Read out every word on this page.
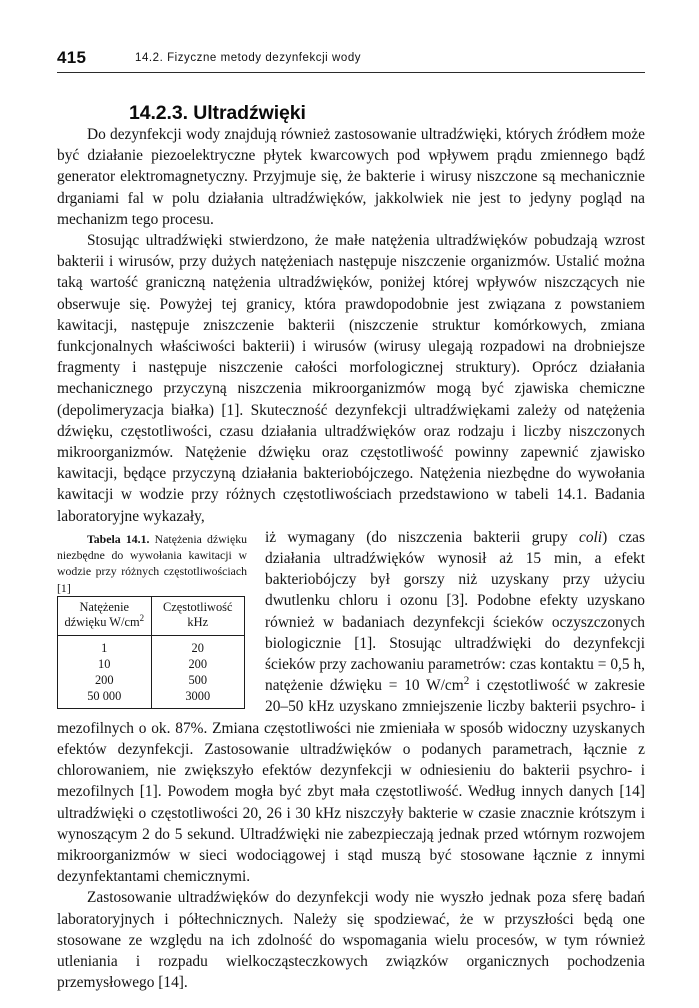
415	14.2. Fizyczne metody dezynfekcji wody
14.2.3. Ultradźwięki

Do dezynfekcji wody znajdują również zastosowanie ultradźwięki, których źródłem może być działanie piezoelektryczne płytek kwarcowych pod wpływem prądu zmiennego bądź generator elektromagnetyczny. Przyjmuje się, że bakterie i wirusy niszczone są mechanicznie drganiami fal w polu działania ultradźwięków, jakkolwiek nie jest to jedyny pogląd na mechanizm tego procesu.

Stosując ultradźwięki stwierdzono, że małe natężenia ultradźwięków pobudzają wzrost bakterii i wirusów, przy dużych natężeniach następuje niszczenie organizmów. Ustalić można taką wartość graniczną natężenia ultradźwięków, poniżej której wpływów niszczących nie obserwuje się. Powyżej tej granicy, która prawdopodobnie jest związana z powstaniem kawitacji, następuje zniszczenie bakterii (niszczenie struktur komórkowych, zmiana funkcjonalnych właściwości bakterii) i wirusów (wirusy ulegają rozpadowi na drobniejsze fragmenty i następuje niszczenie całości morfologicznej struktury). Oprócz działania mechanicznego przyczyną niszczenia mikroorganizmów mogą być zjawiska chemiczne (depolimeryzacja białka) [1]. Skuteczność dezynfekcji ultradźwiękami zależy od natężenia dźwięku, częstotliwości, czasu działania ultradźwięków oraz rodzaju i liczby niszczonych mikroorganizmów. Natężenie dźwięku oraz częstotliwość powinny zapewnić zjawisko kawitacji, będące przyczyną działania bakteriobójczego. Natężenia niezbędne do wywołania kawitacji w wodzie przy różnych częstotliwościach przedstawiono w tabeli 14.1. Badania laboratoryjne wykazały,

Tabela 14.1. Natężenia dźwięku niezbędne do wywołania kawitacji w wodzie przy różnych częstotliwościach [1]

Natężenie
dźwięku $W/cm^2$	Częstotliwość
kHz
1	20
10	200
200	500
50 000	3000

iż wymagany (do niszczenia bakterii grupy coli) czas działania ultradźwięków wynosił aż 15 min, a efekt bakteriobójczy był gorszy niż uzyskany przy użyciu dwutlenku chloru i ozonu [3]. Podobne efekty uzyskano również w badaniach dezynfekcji ścieków oczyszczonych biologicznie [1]. Stosując ultradźwięki do dezynfekcji ścieków przy zachowaniu parametrów: czas kontaktu = 0,5 h, natężenie dźwięku = 10 $W/cm^2$ i częstotliwość w zakresie 20–50 kHz uzyskano zmniejszenie liczby bakterii psychro- i mezofilnych o ok. 87%. Zmiana częstotliwości nie zmieniała w sposób widoczny uzyskanych efektów dezynfekcji. Zastosowanie ultradźwięków o podanych parametrach, łącznie z chlorowaniem, nie zwiększyło efektów dezynfekcji w odniesieniu do bakterii psychro- i mezofilnych [1]. Powodem mogła być zbyt mała częstotliwość. Według innych danych [14] ultradźwięki o częstotliwości 20, 26 i 30 kHz niszczyły bakterie w czasie znacznie krótszym i wynoszącym 2 do 5 sekund. Ultradźwięki nie zabezpieczają jednak przed wtórnym rozwojem mikroorganizmów w sieci wodociągowej i stąd muszą być stosowane łącznie z innymi dezynfektantami chemicznymi.

Zastosowanie ultradźwięków do dezynfekcji wody nie wyszło jednak poza sferę badań laboratoryjnych i półtechnicznych. Należy się spodziewać, że w przyszłości będą one stosowane ze względu na ich zdolność do wspomagania wielu procesów, w tym również utleniania i rozpadu wielkocząsteczkowych związków organicznych pochodzenia przemysłowego [14].
